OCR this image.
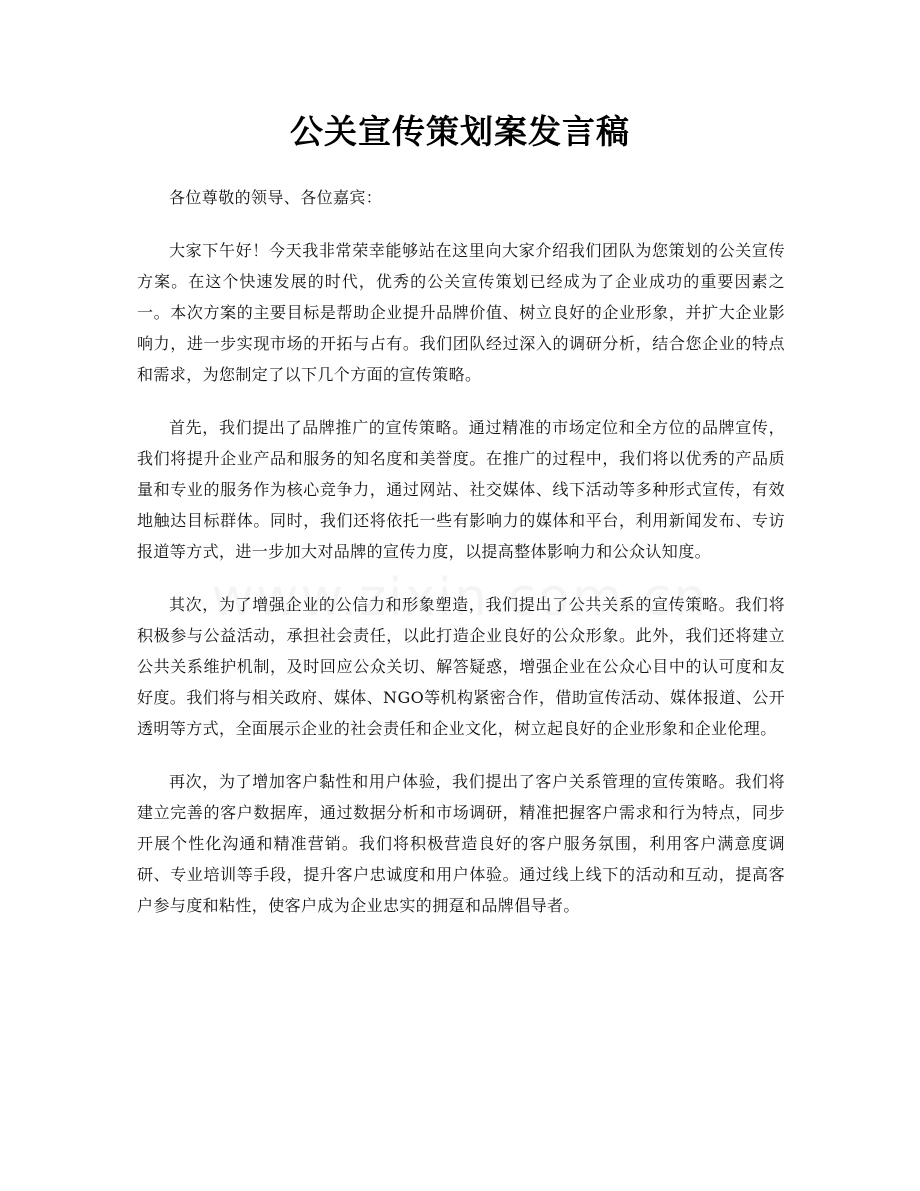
公关宣传策划案发言稿

各位尊敬的领导、各位嘉宾：

大家下午好！今天我非常荣幸能够站在这里向大家介绍我们团队为您策划的公关宣传方案。在这个快速发展的时代，优秀的公关宣传策划已经成为了企业成功的重要因素之一。本次方案的主要目标是帮助企业提升品牌价值、树立良好的企业形象，并扩大企业影响力，进一步实现市场的开拓与占有。我们团队经过深入的调研分析，结合您企业的特点和需求，为您制定了以下几个方面的宣传策略。

首先，我们提出了品牌推广的宣传策略。通过精准的市场定位和全方位的品牌宣传，我们将提升企业产品和服务的知名度和美誉度。在推广的过程中，我们将以优秀的产品质量和专业的服务作为核心竞争力，通过网站、社交媒体、线下活动等多种形式宣传，有效地触达目标群体。同时，我们还将依托一些有影响力的媒体和平台，利用新闻发布、专访报道等方式，进一步加大对品牌的宣传力度，以提高整体影响力和公众认知度。

其次，为了增强企业的公信力和形象塑造，我们提出了公共关系的宣传策略。我们将积极参与公益活动，承担社会责任，以此打造企业良好的公众形象。此外，我们还将建立公共关系维护机制，及时回应公众关切、解答疑惑，增强企业在公众心目中的认可度和友好度。我们将与相关政府、媒体、NGO等机构紧密合作，借助宣传活动、媒体报道、公开透明等方式，全面展示企业的社会责任和企业文化，树立起良好的企业形象和企业伦理。

再次，为了增加客户黏性和用户体验，我们提出了客户关系管理的宣传策略。我们将建立完善的客户数据库，通过数据分析和市场调研，精准把握客户需求和行为特点，同步开展个性化沟通和精准营销。我们将积极营造良好的客户服务氛围，利用客户满意度调研、专业培训等手段，提升客户忠诚度和用户体验。通过线上线下的活动和互动，提高客户参与度和粘性，使客户成为企业忠实的拥趸和品牌倡导者。
